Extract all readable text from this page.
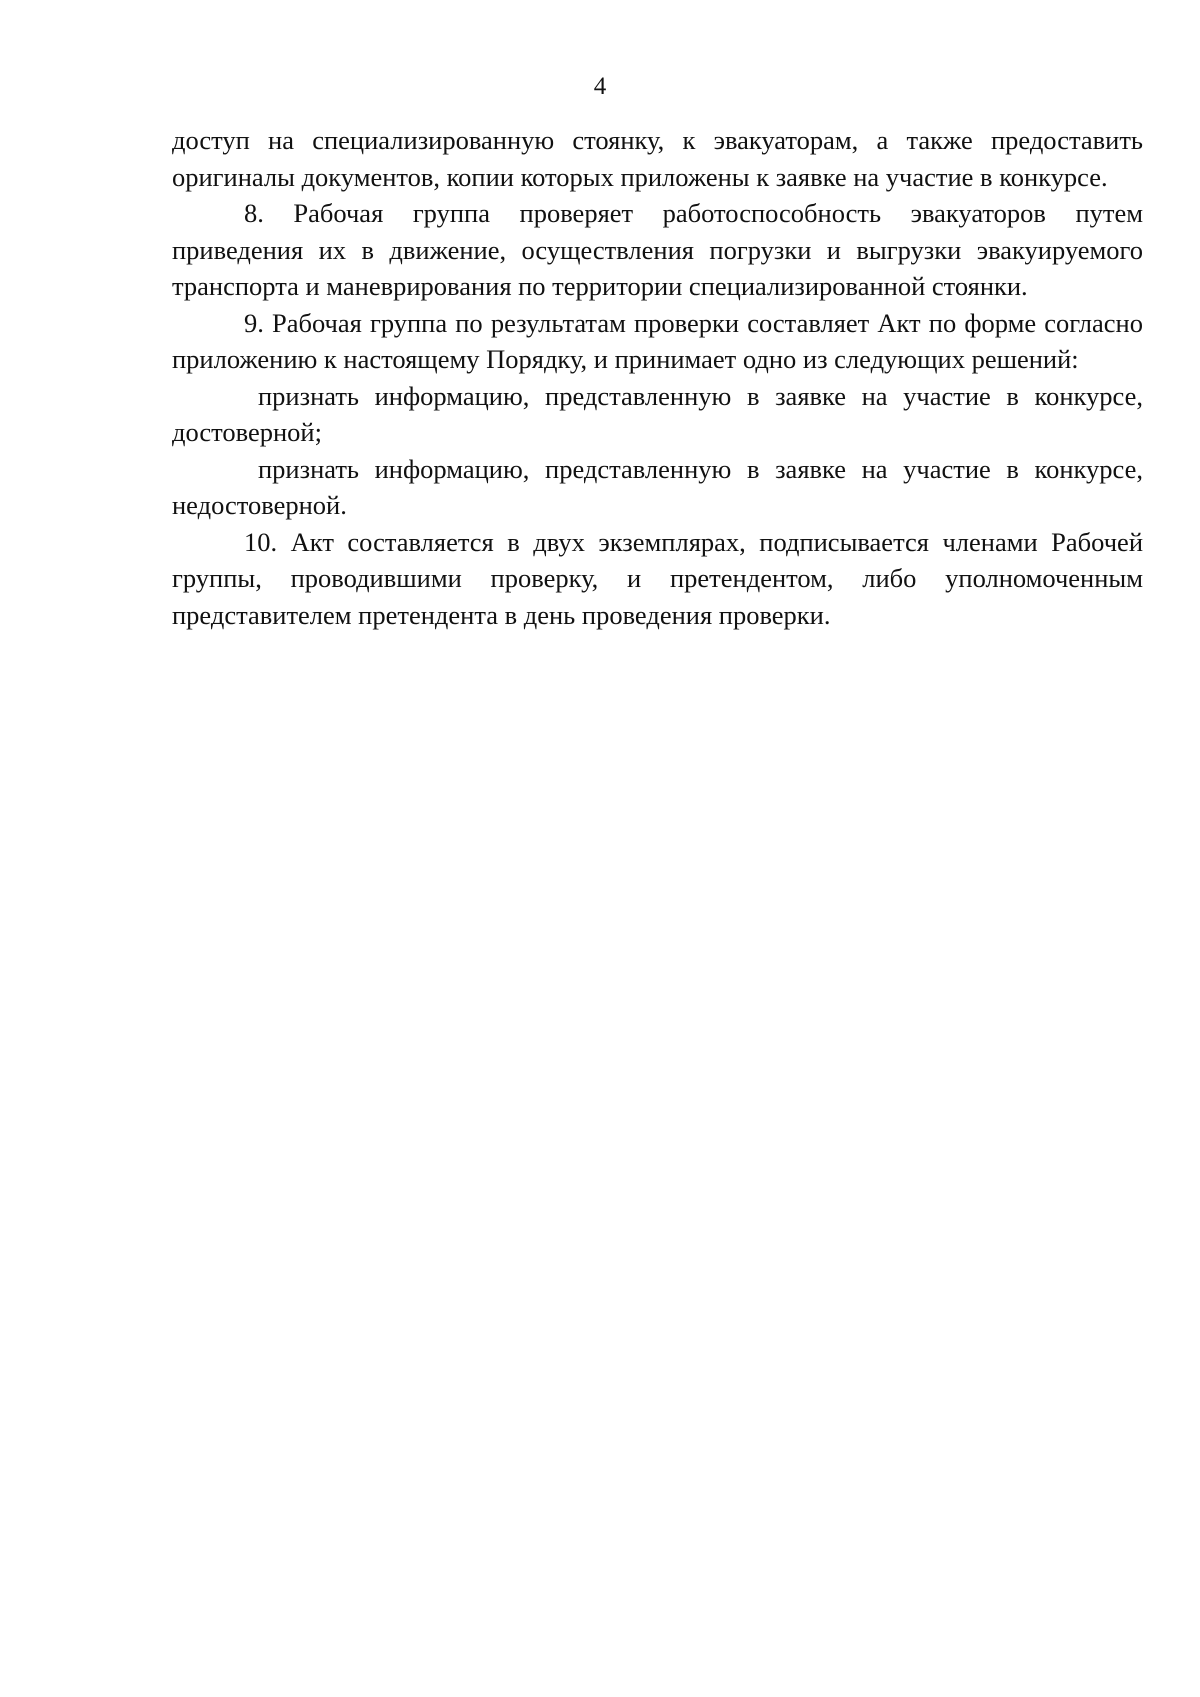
4

доступ на специализированную стоянку, к эвакуаторам, а также предоставить оригиналы документов, копии которых приложены к заявке на участие в конкурсе.

8. Рабочая группа проверяет работоспособность эвакуаторов путем приведения их в движение, осуществления погрузки и выгрузки эвакуируемого транспорта и маневрирования по территории специализированной стоянки.

9. Рабочая группа по результатам проверки составляет Акт по форме согласно приложению к настоящему Порядку, и принимает одно из следующих решений:

признать информацию, представленную в заявке на участие в конкурсе, достоверной;

признать информацию, представленную в заявке на участие в конкурсе, недостоверной.

10. Акт составляется в двух экземплярах, подписывается членами Рабочей группы, проводившими проверку, и претендентом, либо уполномоченным представителем претендента в день проведения проверки.
